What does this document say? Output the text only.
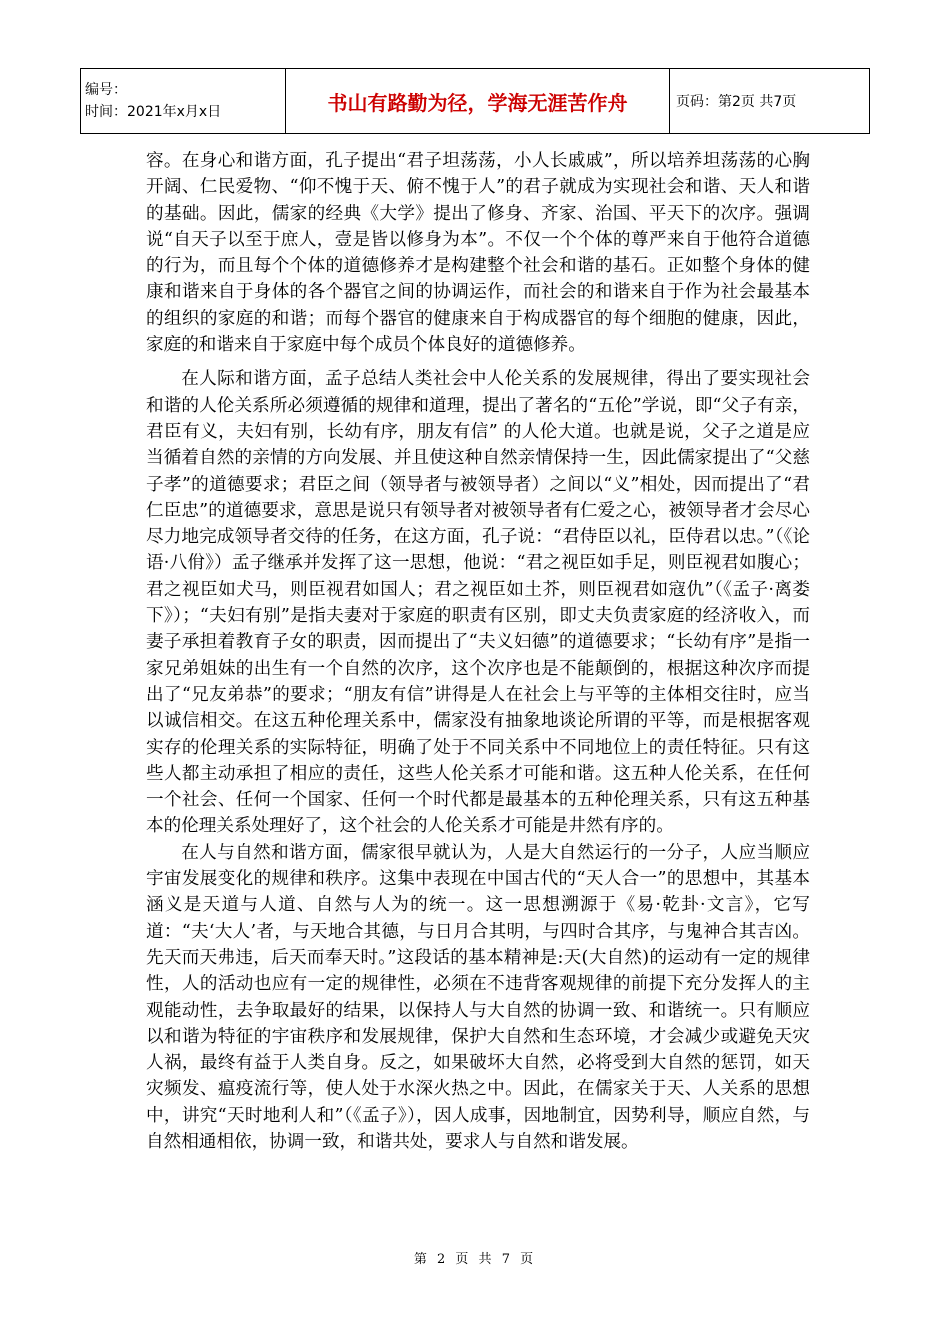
编号：
时间：2021年x月x日	书山有路勤为径，学海无涯苦作舟	页码：第2页 共7页

容。在身心和谐方面，孔子提出“君子坦荡荡，小人长戚戚”，所以培养坦荡荡的心胸开阔、仁民爱物、“仰不愧于天、俯不愧于人”的君子就成为实现社会和谐、天人和谐的基础。因此，儒家的经典《大学》提出了修身、齐家、治国、平天下的次序。强调说“自天子以至于庶人，壹是皆以修身为本”。不仅一个个体的尊严来自于他符合道德的行为，而且每个个体的道德修养才是构建整个社会和谐的基石。正如整个身体的健康和谐来自于身体的各个器官之间的协调运作，而社会的和谐来自于作为社会最基本的组织的家庭的和谐；而每个器官的健康来自于构成器官的每个细胞的健康，因此，家庭的和谐来自于家庭中每个成员个体良好的道德修养。

在人际和谐方面，孟子总结人类社会中人伦关系的发展规律，得出了要实现社会和谐的人伦关系所必须遵循的规律和道理，提出了著名的“五伦”学说，即“父子有亲，君臣有义，夫妇有别，长幼有序，朋友有信” 的人伦大道。也就是说，父子之道是应当循着自然的亲情的方向发展、并且使这种自然亲情保持一生，因此儒家提出了“父慈子孝”的道德要求；君臣之间（领导者与被领导者）之间以“义”相处，因而提出了“君仁臣忠”的道德要求，意思是说只有领导者对被领导者有仁爱之心，被领导者才会尽心尽力地完成领导者交待的任务，在这方面，孔子说：“君侍臣以礼，臣侍君以忠。”（《论语·八佾》）孟子继承并发挥了这一思想，他说：“君之视臣如手足，则臣视君如腹心；君之视臣如犬马，则臣视君如国人；君之视臣如土芥，则臣视君如寇仇”（《孟子·离娄下》）；“夫妇有别”是指夫妻对于家庭的职责有区别，即丈夫负责家庭的经济收入，而妻子承担着教育子女的职责，因而提出了“夫义妇德”的道德要求；“长幼有序”是指一家兄弟姐妹的出生有一个自然的次序，这个次序也是不能颠倒的，根据这种次序而提出了“兄友弟恭”的要求；“朋友有信”讲得是人在社会上与平等的主体相交往时，应当以诚信相交。在这五种伦理关系中，儒家没有抽象地谈论所谓的平等，而是根据客观实存的伦理关系的实际特征，明确了处于不同关系中不同地位上的责任特征。只有这些人都主动承担了相应的责任，这些人伦关系才可能和谐。这五种人伦关系，在任何一个社会、任何一个国家、任何一个时代都是最基本的五种伦理关系，只有这五种基本的伦理关系处理好了，这个社会的人伦关系才可能是井然有序的。

在人与自然和谐方面，儒家很早就认为，人是大自然运行的一分子，人应当顺应宇宙发展变化的规律和秩序。这集中表现在中国古代的“天人合一”的思想中，其基本涵义是天道与人道、自然与人为的统一。这一思想溯源于《易·乾卦·文言》，它写道：“夫‘大人’者，与天地合其德，与日月合其明，与四时合其序，与鬼神合其吉凶。先天而天弗违，后天而奉天时。”这段话的基本精神是:天(大自然)的运动有一定的规律性，人的活动也应有一定的规律性，必须在不违背客观规律的前提下充分发挥人的主观能动性，去争取最好的结果，以保持人与大自然的协调一致、和谐统一。只有顺应以和谐为特征的宇宙秩序和发展规律，保护大自然和生态环境，才会减少或避免天灾人祸，最终有益于人类自身。反之，如果破坏大自然，必将受到大自然的惩罚，如天灾频发、瘟疫流行等，使人处于水深火热之中。因此，在儒家关于天、人关系的思想中，讲究“天时地利人和”（《孟子》），因人成事，因地制宜，因势利导，顺应自然，与自然相通相依，协调一致，和谐共处，要求人与自然和谐发展。

第 2 页 共 7 页
